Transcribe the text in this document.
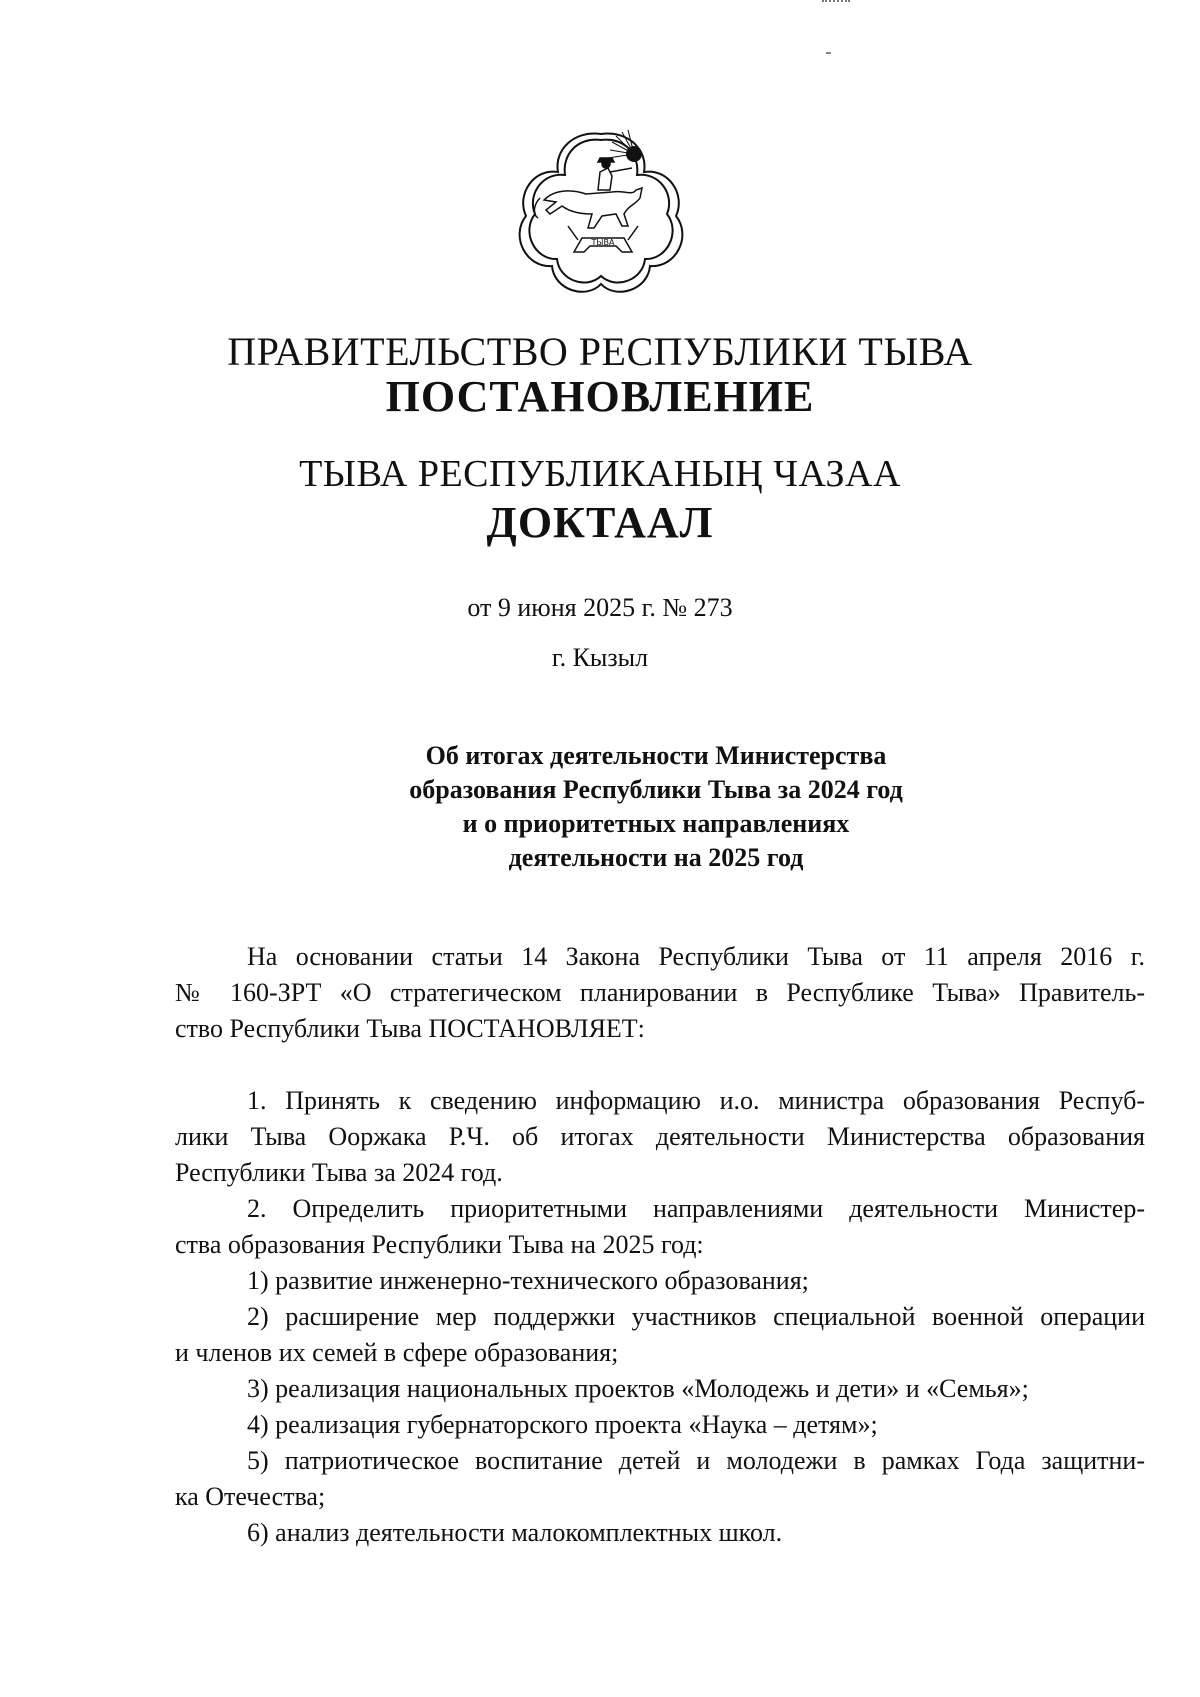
ТЫВА
ПРАВИТЕЛЬСТВО РЕСПУБЛИКИ ТЫВА
ПОСТАНОВЛЕНИЕ
ТЫВА РЕСПУБЛИКАНЫҢ ЧАЗАА
ДОКТААЛ
от 9 июня 2025 г. № 273
г. Кызыл
Об итогах деятельности Министерства
образования Республики Тыва за 2024 год
и о приоритетных направлениях
деятельности на 2025 год
На основании статьи 14 Закона Республики Тыва от 11 апреля 2016 г.
№ 160-ЗРТ «О стратегическом планировании в Республике Тыва» Правитель-
ство Республики Тыва ПОСТАНОВЛЯЕТ:
1. Принять к сведению информацию и.о. министра образования Респуб-
лики Тыва Ооржака Р.Ч. об итогах деятельности Министерства образования
Республики Тыва за 2024 год.
2. Определить приоритетными направлениями деятельности Министер-
ства образования Республики Тыва на 2025 год:
1) развитие инженерно-технического образования;
2) расширение мер поддержки участников специальной военной операции
и членов их семей в сфере образования;
3) реализация национальных проектов «Молодежь и дети» и «Семья»;
4) реализация губернаторского проекта «Наука – детям»;
5) патриотическое воспитание детей и молодежи в рамках Года защитни-
ка Отечества;
6) анализ деятельности малокомплектных школ.
